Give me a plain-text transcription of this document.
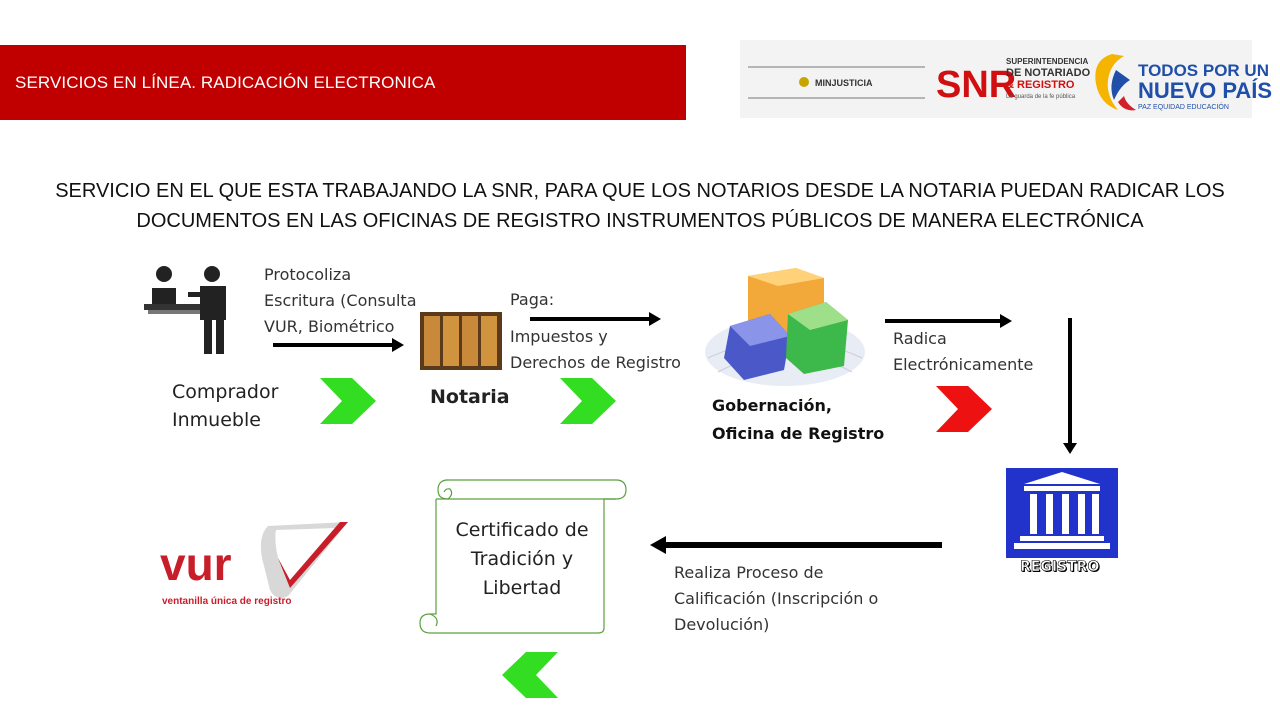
SERVICIOS EN LÍNEA. RADICACIÓN ELECTRONICA	MINJUSTICIA SNR
SUPERINTENDENCIA
DE NOTARIADO
& REGISTRO
La guarda de la fe pública
TODOS POR UN
NUEVO PAÍS
PAZ EQUIDAD EDUCACIÓN
SERVICIO EN EL QUE ESTA TRABAJANDO LA SNR, PARA QUE LOS NOTARIOS DESDE LA NOTARIA PUEDAN RADICAR LOS
DOCUMENTOS EN LAS OFICINAS DE REGISTRO INSTRUMENTOS PÚBLICOS DE MANERA ELECTRÓNICA
Protocoliza
Escritura (Consulta
VUR, Biométrico
Comprador
Inmueble
Notaria
Paga:
Impuestos y
Derechos de Registro
Gobernación,
Oficina de Registro
Radica
Electrónicamente
REGISTRO
Realiza Proceso de
Calificación (Inscripción o
Devolución)
Certificado de
Tradición y
Libertad
vur
ventanilla única de registro
